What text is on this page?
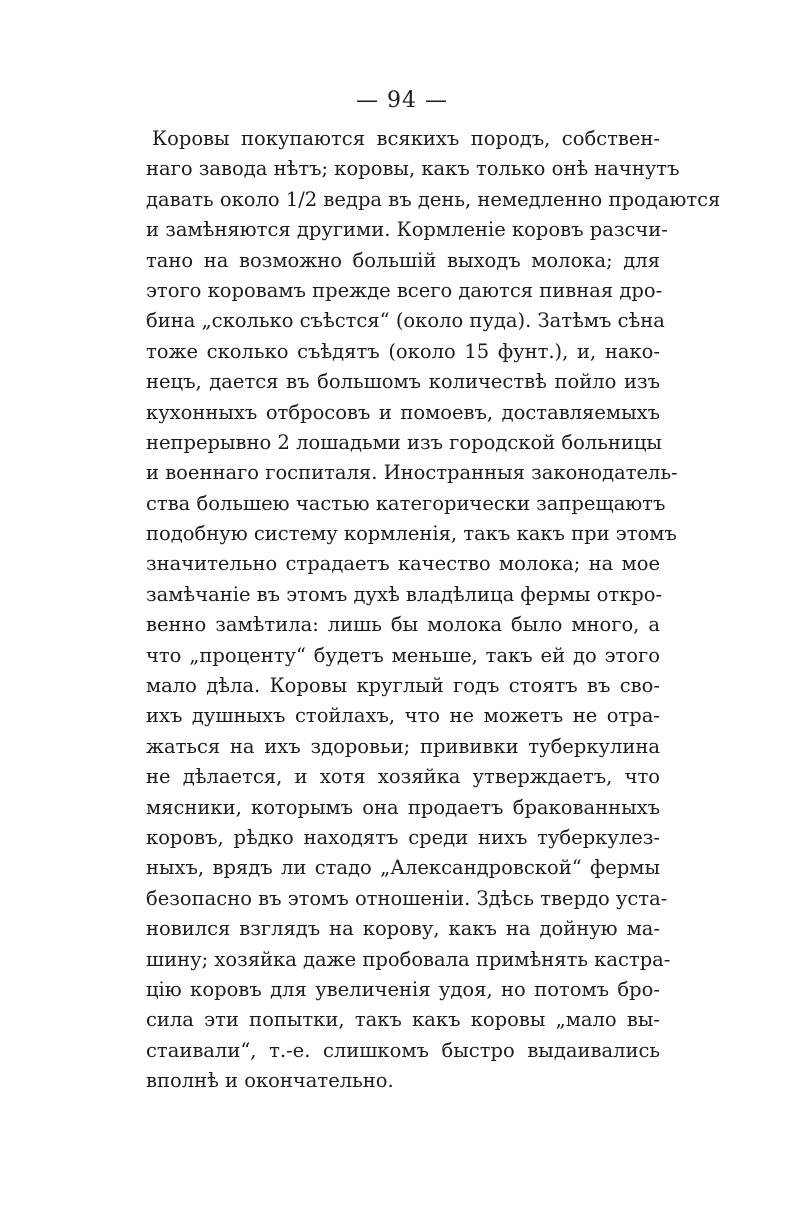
— 94 —
Коровы покупаются всякихъ породъ, собствен-
наго завода нѣтъ; коровы, какъ только онѣ начнутъ
давать около 1/2 ведра въ день, немедленно продаются
и замѣняются другими. Кормленіе коровъ разсчи-
тано на возможно большій выходъ молока; для
этого коровамъ прежде всего даются пивная дро-
бина „сколько съѣстся“ (около пуда). Затѣмъ сѣна
тоже сколько съѣдятъ (около 15 фунт.), и, нако-
нецъ, дается въ большомъ количествѣ пойло изъ
кухонныхъ отбросовъ и помоевъ, доставляемыхъ
непрерывно 2 лошадьми изъ городской больницы
и военнаго госпиталя. Иностранныя законодатель-
ства большею частью категорически запрещаютъ
подобную систему кормленія, такъ какъ при этомъ
значительно страдаетъ качество молока; на мое
замѣчаніе въ этомъ духѣ владѣлица фермы откро-
венно замѣтила: лишь бы молока было много, а
что „проценту“ будетъ меньше, такъ ей до этого
мало дѣла. Коровы круглый годъ стоятъ въ сво-
ихъ душныхъ стойлахъ, что не можетъ не отра-
жаться на ихъ здоровьи; прививки туберкулина
не дѣлается, и хотя хозяйка утверждаетъ, что
мясники, которымъ она продаетъ бракованныхъ
коровъ, рѣдко находятъ среди нихъ туберкулез-
ныхъ, врядъ ли стадо „Александровской“ фермы
безопасно въ этомъ отношеніи. Здѣсь твердо уста-
новился взглядъ на корову, какъ на дойную ма-
шину; хозяйка даже пробовала примѣнять кастра-
цію коровъ для увеличенія удоя, но потомъ бро-
сила эти попытки, такъ какъ коровы „мало вы-
стаивали“, т.-е. слишкомъ быстро выдаивались
вполнѣ и окончательно.
